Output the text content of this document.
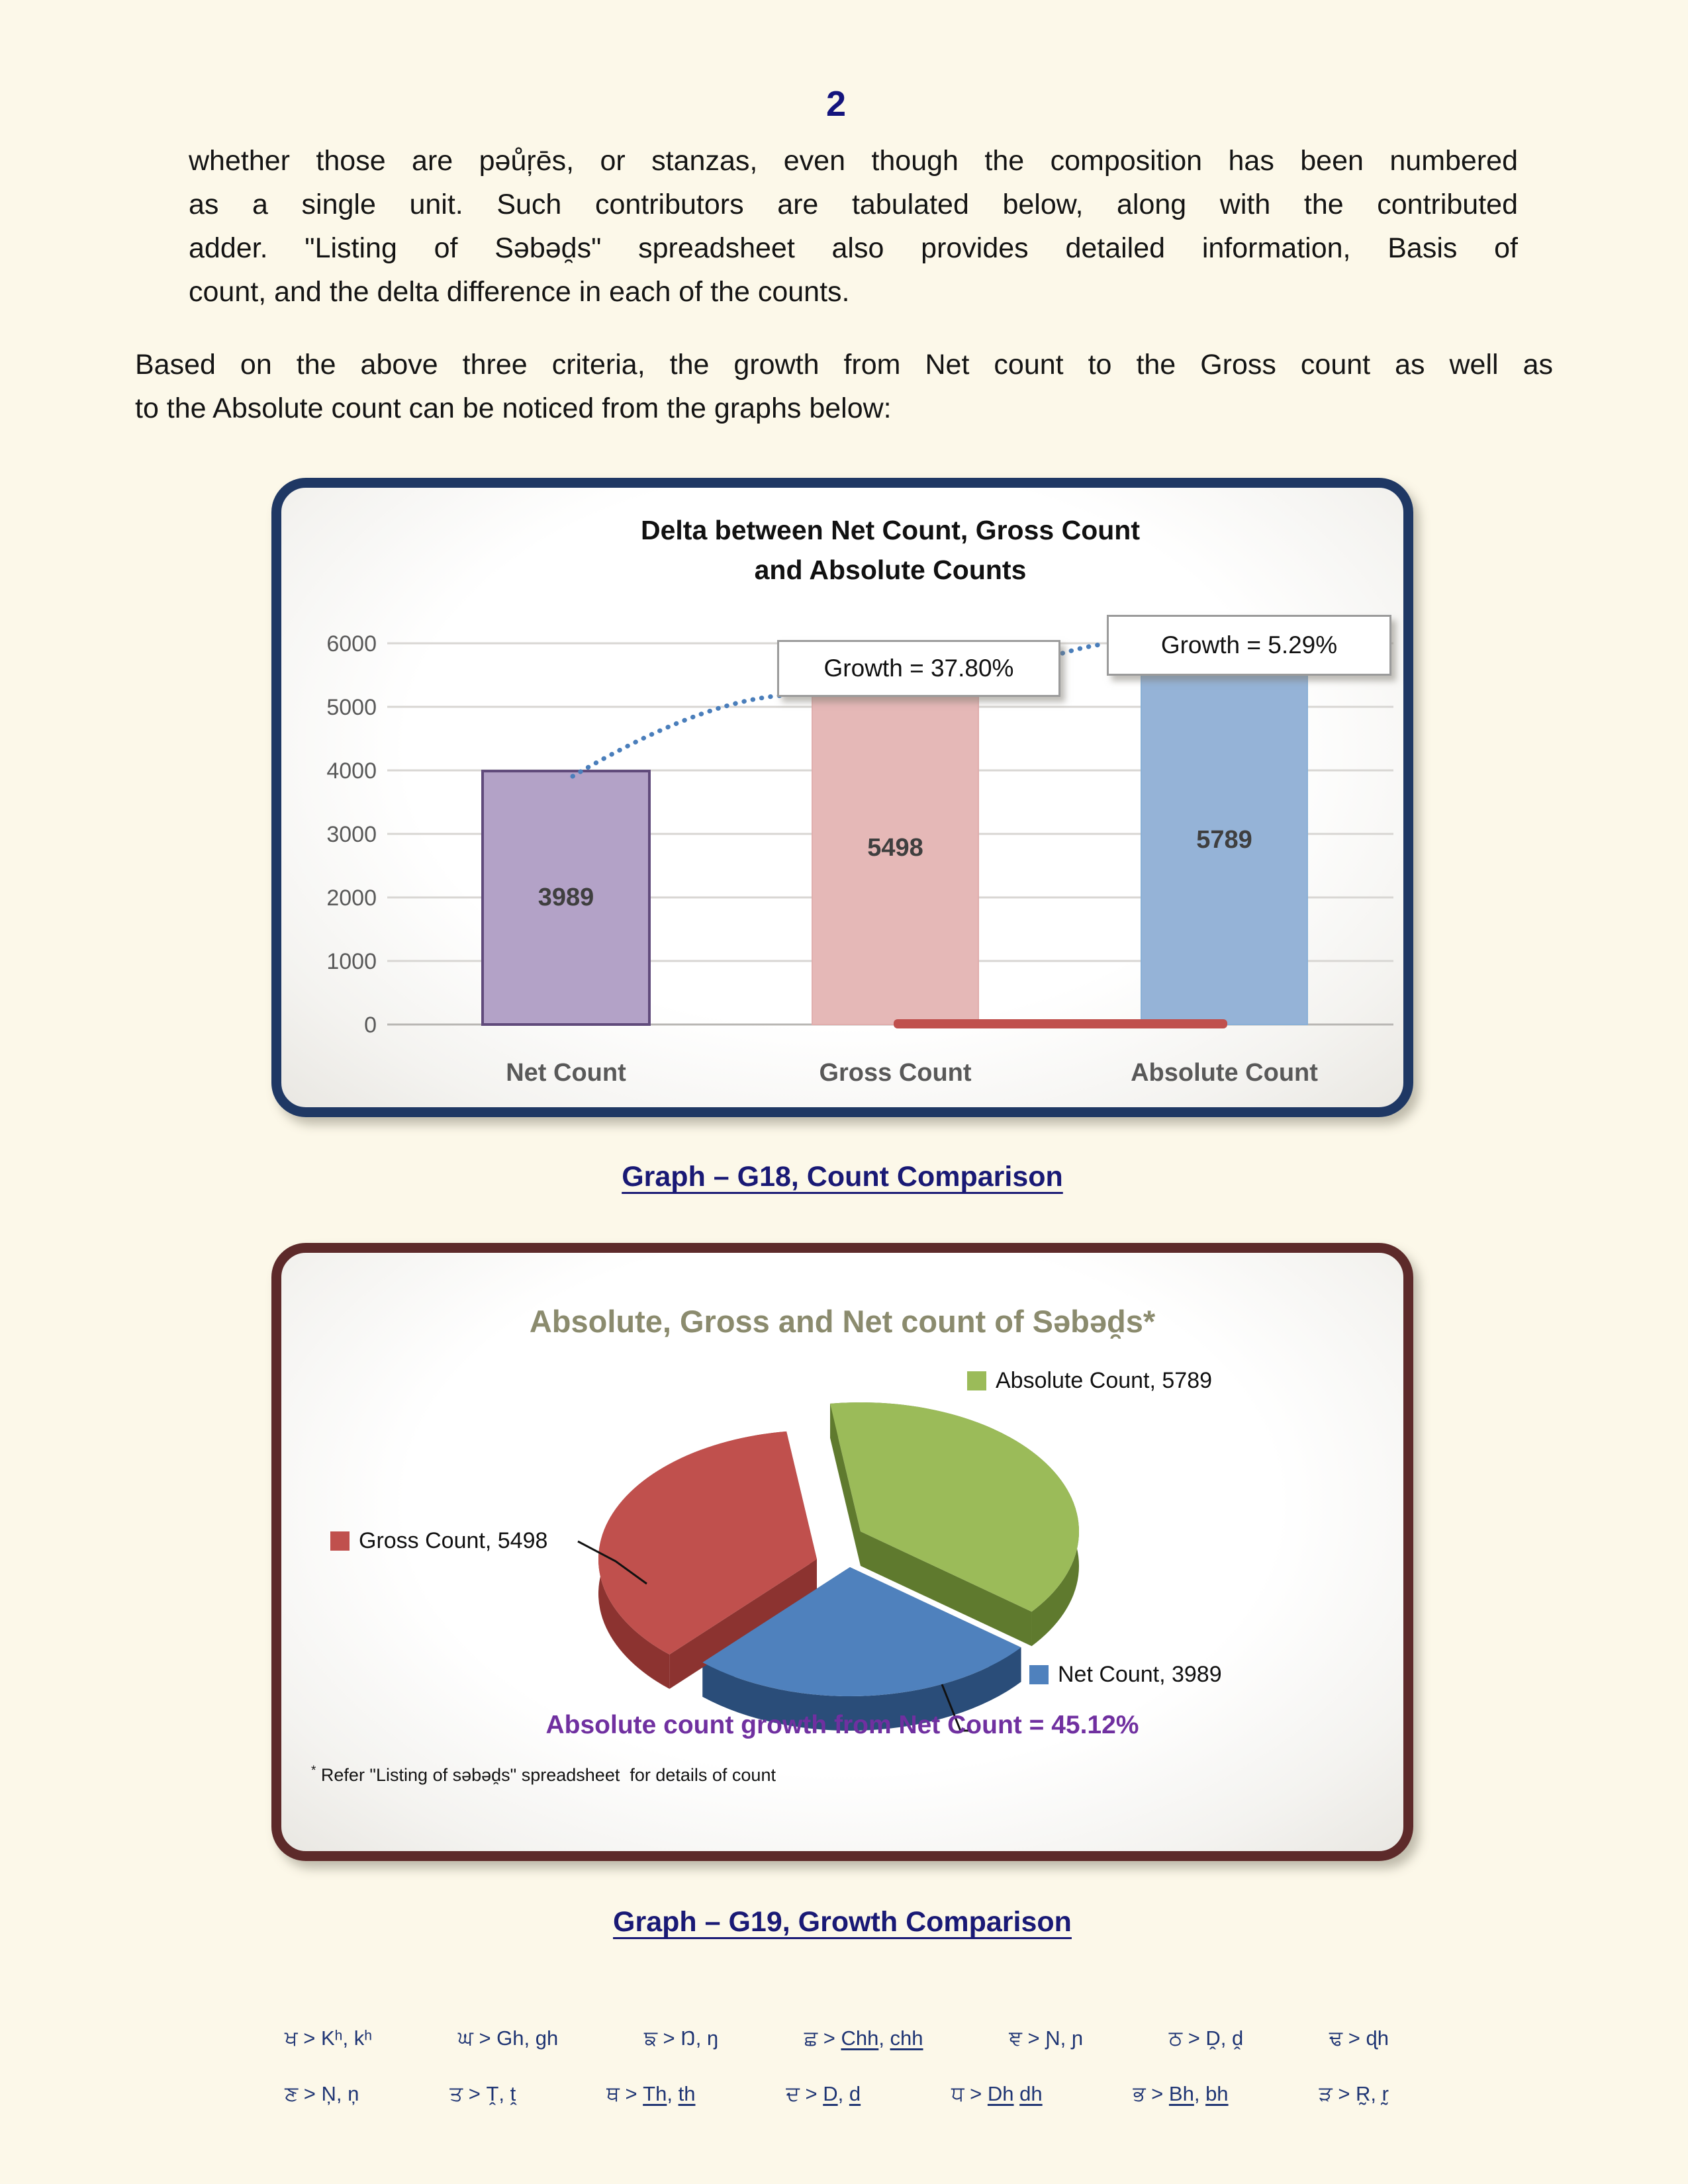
2
whether those are pəůŗēs, or stanzas, even though the composition has been numbered
as a single unit. Such contributors are tabulated below, along with the contributed
adder. "Listing of Səbəd̯s" spreadsheet also provides detailed information, Basis of
count, and the delta difference in each of the counts.
Based on the above three criteria, the growth from Net count to the Gross count as well as
to the Absolute count can be noticed from the graphs below:
Delta between Net Count, Gross Count
and Absolute Counts
0
1000
2000
3000
4000
5000
6000
3989
Net Count
5498
Gross Count
5789
Absolute Count
Growth = 37.80%
Growth = 5.29%
Graph – G18, Count Comparison
Absolute, Gross and Net count of Səbəd̯s*
Absolute Count, 5789
Gross Count, 5498
Net Count, 3989
Absolute count growth from Net Count = 45.12%
* Refer "Listing of səbəd̯s" spreadsheet  for details of count
Graph – G19, Growth Comparison
ਖ > Kʰ, kʰ	ਘ > Gh, gh	ਙ > Ŋ, ŋ	ਛ > Chh, chh	ਞ > Ɲ, ɲ	ਠ > Ḓ, ḓ	ਢ > ɖh
ਣ > Ņ, ņ	ਤ > Ṱ, ṱ	ਥ > Th, th	ਦ > D, d	ਧ > Dh dh	ਭ > Bh, bh	ੜ > R̰, r̰
